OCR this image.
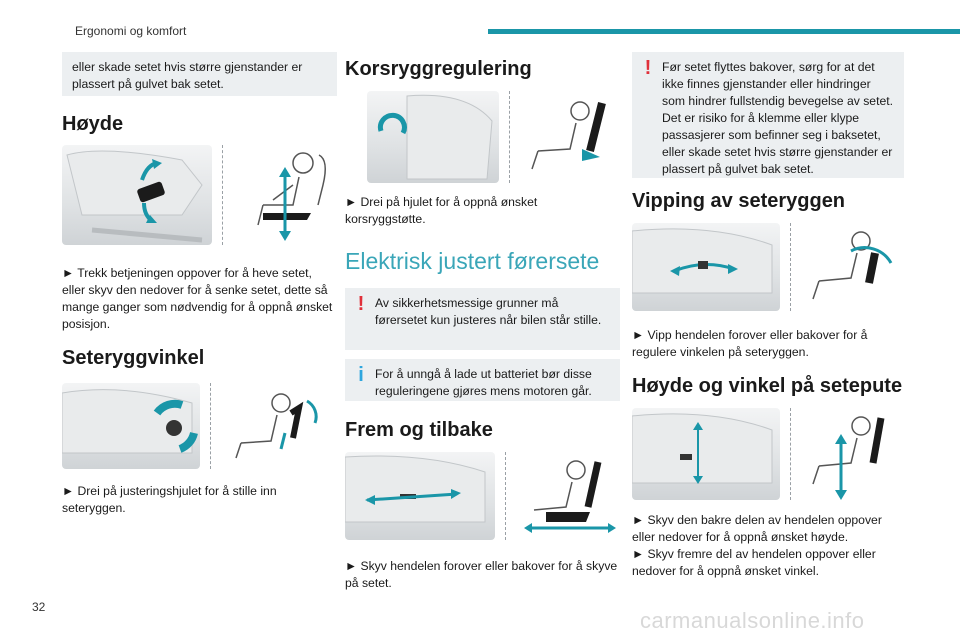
Ergonomi og komfort
eller skade setet hvis større gjenstander er plassert på gulvet bak setet.
Høyde

► Trekk betjeningen oppover for å heve setet, eller skyv den nedover for å senke setet, dette så mange ganger som nødvendig for å oppnå ønsket posisjon.

Seteryggvinkel

► Drei på justeringshjulet for å stille inn seteryggen.

Korsryggregulering

► Drei på hjulet for å oppnå ønsket korsryggstøtte.

Elektrisk justert førersete
! Av sikkerhetsmessige grunner må førersetet kun justeres når bilen står stille.
i For å unngå å lade ut batteriet bør disse reguleringene gjøres mens motoren går.
Frem og tilbake

► Skyv hendelen forover eller bakover for å skyve på setet.

! Før setet flyttes bakover, sørg for at det ikke finnes gjenstander eller hindringer som hindrer fullstendig bevegelse av setet. Det er risiko for å klemme eller klype passasjerer som befinner seg i baksetet, eller skade setet hvis større gjenstander er plassert på gulvet bak setet.
Vipping av seteryggen

► Vipp hendelen forover eller bakover for å regulere vinkelen på seteryggen.

Høyde og vinkel på setepute

► Skyv den bakre delen av hendelen oppover eller nedover for å oppnå ønsket høyde.

► Skyv fremre del av hendelen oppover eller nedover for å oppnå ønsket vinkel.

32
carmanualsonline.info
